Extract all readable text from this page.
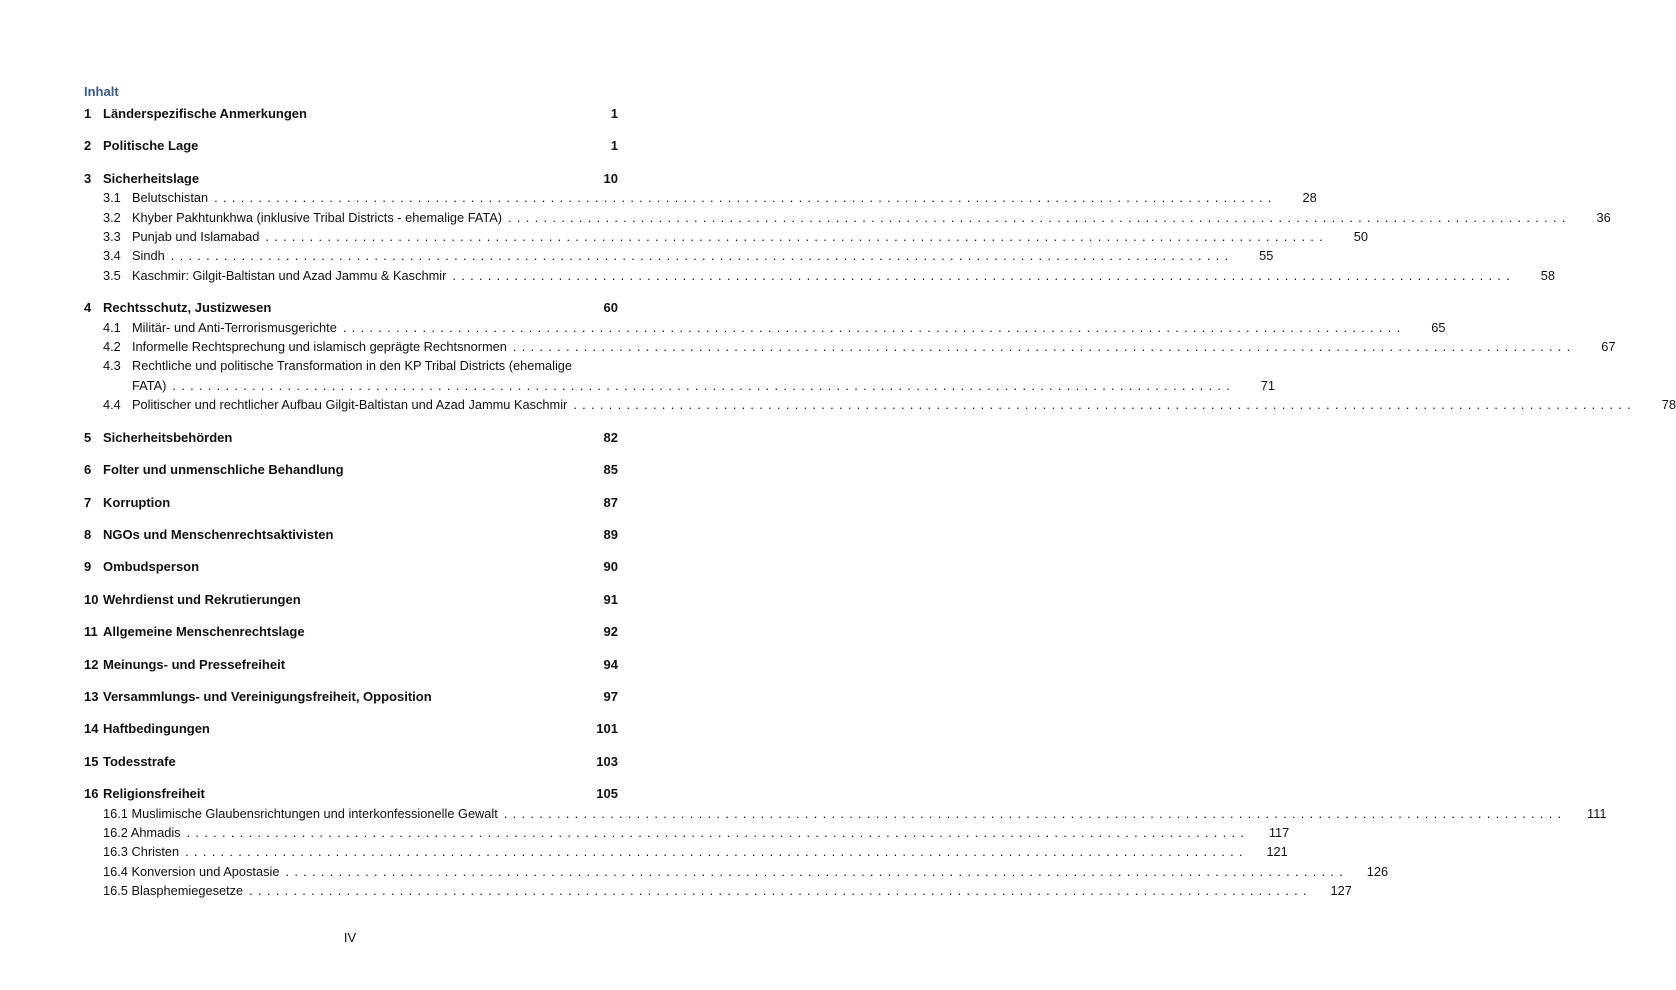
Inhalt
1 Länderspezifische Anmerkungen	1
2 Politische Lage	1
3 Sicherheitslage	10
3.1 Belutschistan ........................................................................................................................	28
3.2 Khyber Pakhtunkhwa (inklusive Tribal Districts - ehemalige FATA) ........................................................................................................................	36
3.3 Punjab und Islamabad ........................................................................................................................	50
3.4 Sindh ........................................................................................................................	55
3.5 Kaschmir: Gilgit-Baltistan und Azad Jammu & Kaschmir ........................................................................................................................	58
4 Rechtsschutz, Justizwesen	60
4.1 Militär- und Anti-Terrorismusgerichte ........................................................................................................................	65
4.2 Informelle Rechtsprechung und islamisch geprägte Rechtsnormen ........................................................................................................................	67
4.3 Rechtliche und politische Transformation in den KP Tribal Districts (ehemalige
FATA) ........................................................................................................................	71
4.4 Politischer und rechtlicher Aufbau Gilgit-Baltistan und Azad Jammu Kaschmir ........................................................................................................................	78
5 Sicherheitsbehörden	82
6 Folter und unmenschliche Behandlung	85
7 Korruption	87
8 NGOs und Menschenrechtsaktivisten	89
9 Ombudsperson	90
10 Wehrdienst und Rekrutierungen	91
11 Allgemeine Menschenrechtslage	92
12 Meinungs- und Pressefreiheit	94
13 Versammlungs- und Vereinigungsfreiheit, Opposition	97
14 Haftbedingungen	101
15 Todesstrafe	103
16 Religionsfreiheit	105
16.1 Muslimische Glaubensrichtungen und interkonfessionelle Gewalt ........................................................................................................................	111
16.2 Ahmadis ........................................................................................................................	117
16.3 Christen ........................................................................................................................	121
16.4 Konversion und Apostasie ........................................................................................................................	126
16.5 Blasphemiegesetze ........................................................................................................................	127
IV
